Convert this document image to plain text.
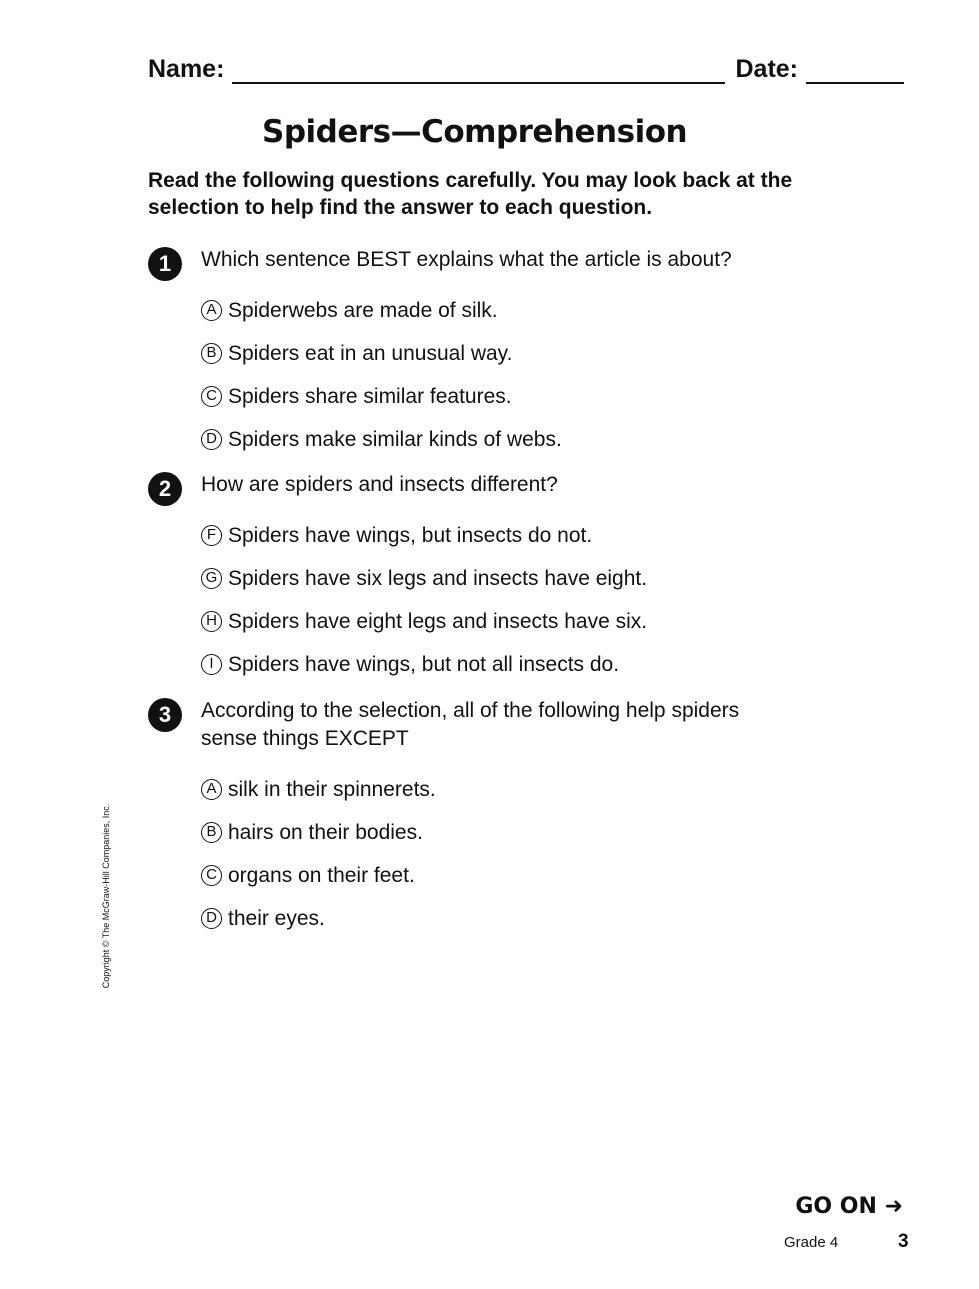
Name:	Date:
Spiders—Comprehension
Read the following questions carefully. You may look back at the selection to help find the answer to each question.
1	Which sentence BEST explains what the article is about?
A Spiderwebs are made of silk.
B Spiders eat in an unusual way.
C Spiders share similar features.
D Spiders make similar kinds of webs.
2	How are spiders and insects different?
F Spiders have wings, but insects do not.
G Spiders have six legs and insects have eight.
H Spiders have eight legs and insects have six.
I Spiders have wings, but not all insects do.
3	According to the selection, all of the following help spiders sense things EXCEPT
A silk in their spinnerets.
B hairs on their bodies.
C organs on their feet.
D their eyes.
Copyright © The McGraw-Hill Companies, Inc.
GO ON ➜
Grade 4	3
